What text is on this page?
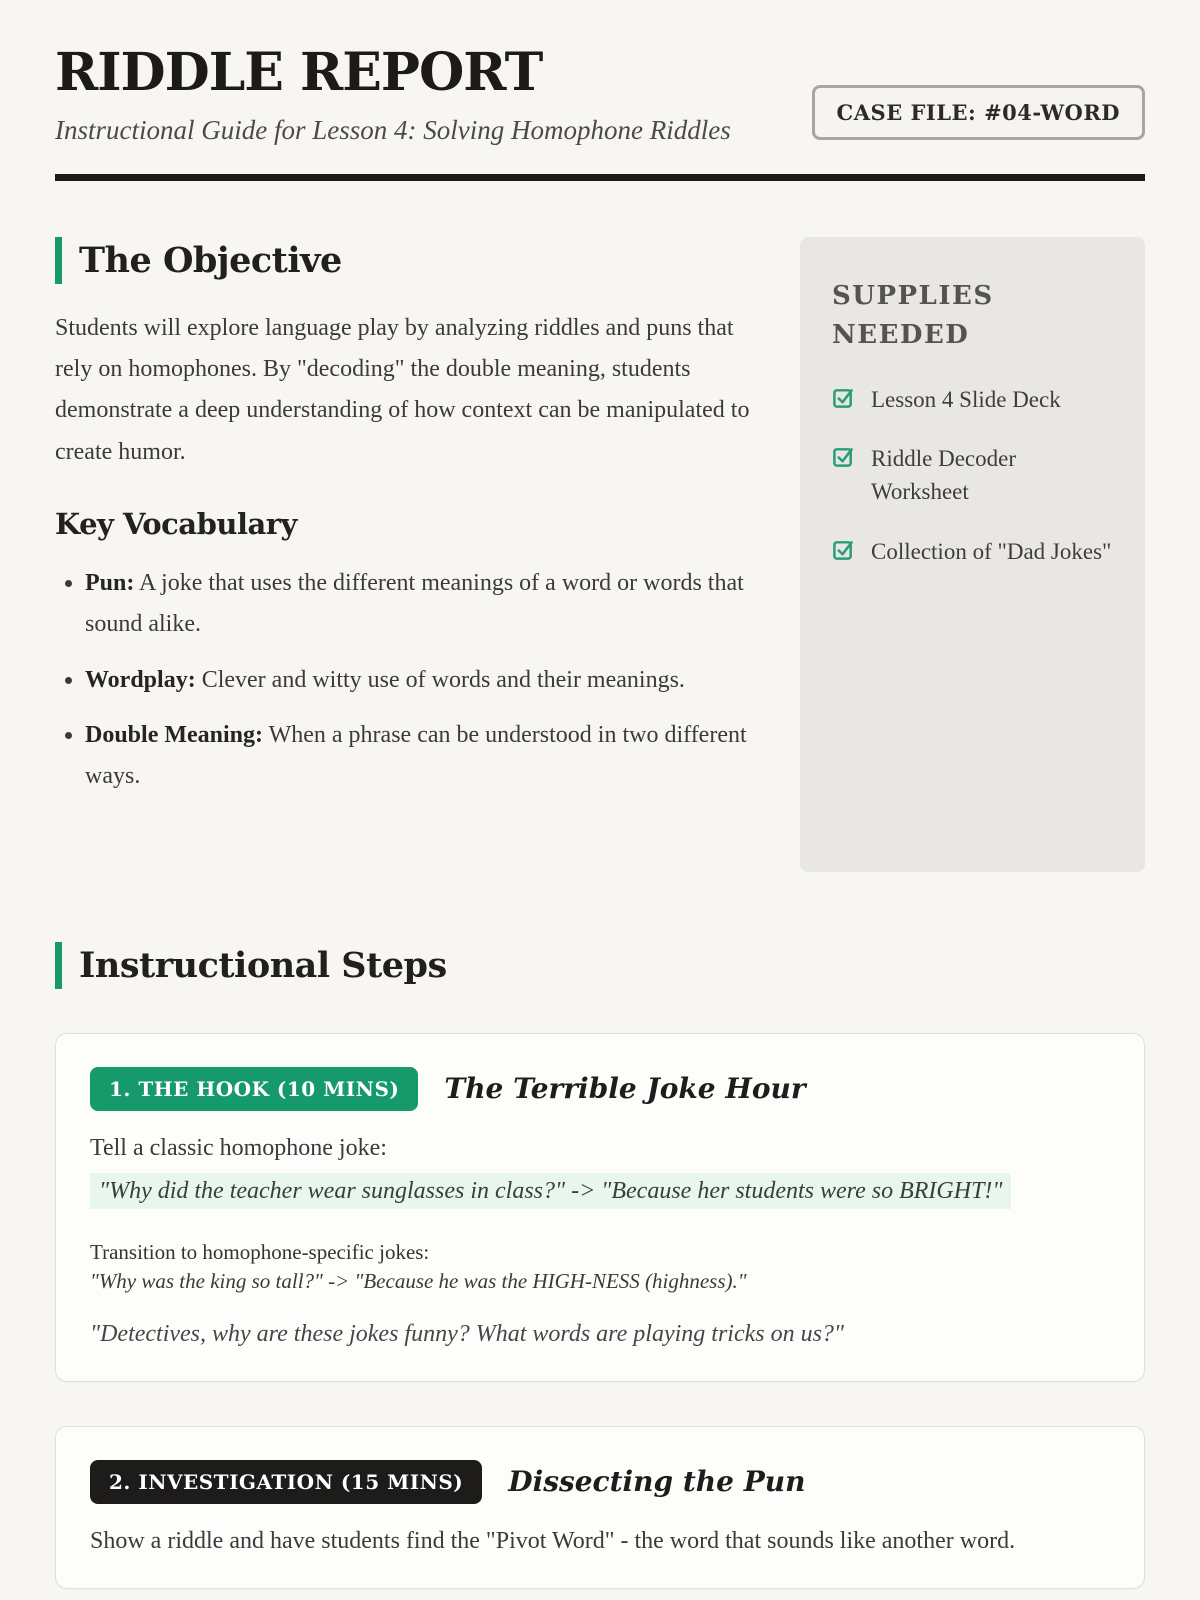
RIDDLE REPORT
Instructional Guide for Lesson 4: Solving Homophone Riddles
CASE FILE: #04-WORD
The Objective

Students will explore language play by analyzing riddles and puns that rely on homophones. By "decoding" the double meaning, students demonstrate a deep understanding of how context can be manipulated to create humor.

Key Vocabulary
• Pun: A joke that uses the different meanings of a word or words that sound alike.
• Wordplay: Clever and witty use of words and their meanings.
• Double Meaning: When a phrase can be understood in two different ways.
SUPPLIES NEEDED
Lesson 4 Slide Deck
Riddle Decoder Worksheet
Collection of "Dad Jokes"
Instructional Steps
1. THE HOOK (10 MINS)	The Terrible Joke Hour

Tell a classic homophone joke:

"Why did the teacher wear sunglasses in class?" -> "Because her students were so BRIGHT!"

Transition to homophone-specific jokes:

"Why was the king so tall?" -> "Because he was the HIGH-NESS (highness)."

"Detectives, why are these jokes funny? What words are playing tricks on us?"

2. INVESTIGATION (15 MINS)	Dissecting the Pun

Show a riddle and have students find the "Pivot Word" - the word that sounds like another word.
